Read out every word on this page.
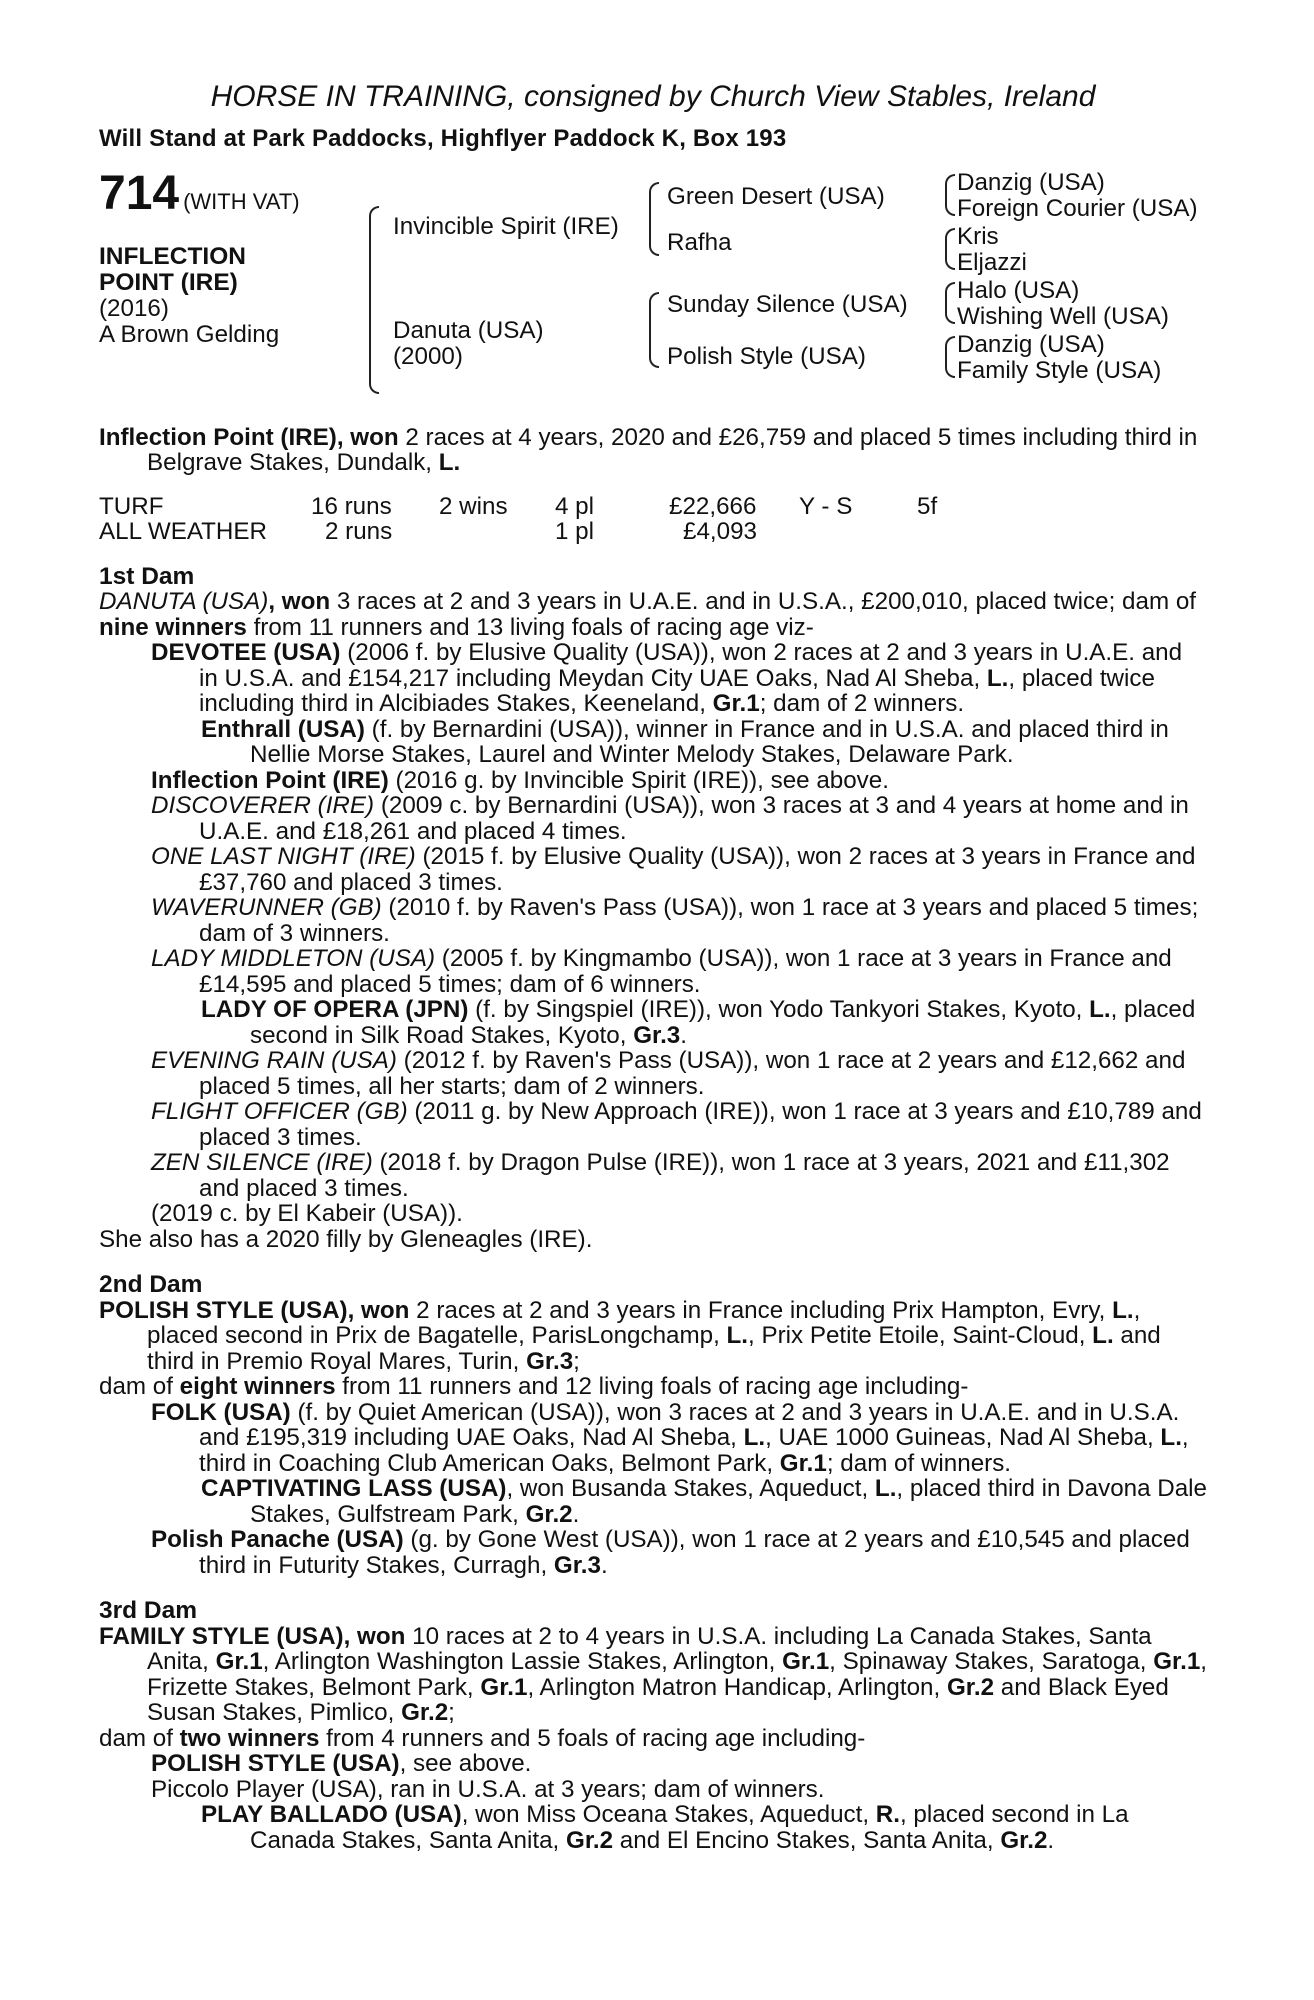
HORSE IN TRAINING, consigned by Church View Stables, Ireland
Will Stand at Park Paddocks, Highflyer Paddock K, Box 193
714 (WITH VAT)
INFLECTION
POINT (IRE)
(2016)
A Brown Gelding
Invincible Spirit (IRE)
Danuta (USA)
(2000)
Green Desert (USA)
Rafha
Sunday Silence (USA)
Polish Style (USA)
Danzig (USA)
Foreign Courier (USA)
Kris
Eljazzi
Halo (USA)
Wishing Well (USA)
Danzig (USA)
Family Style (USA)

Inflection Point (IRE), won 2 races at 4 years, 2020 and £26,759 and placed 5 times including third in Belgrave Stakes, Dundalk, L.

TURF	16 runs 2 wins 4 pl	£22,666 Y - S	5f
ALL WEATHER 2 runs	1 pl	£4,093
1st Dam

DANUTA (USA), won 3 races at 2 and 3 years in U.A.E. and in U.S.A., £200,010, placed twice; dam of nine winners from 11 runners and 13 living foals of racing age viz-

DEVOTEE (USA) (2006 f. by Elusive Quality (USA)), won 2 races at 2 and 3 years in U.A.E. and in U.S.A. and £154,217 including Meydan City UAE Oaks, Nad Al Sheba, L., placed twice including third in Alcibiades Stakes, Keeneland, Gr.1; dam of 2 winners.

Enthrall (USA) (f. by Bernardini (USA)), winner in France and in U.S.A. and placed third in Nellie Morse Stakes, Laurel and Winter Melody Stakes, Delaware Park.

Inflection Point (IRE) (2016 g. by Invincible Spirit (IRE)), see above.

DISCOVERER (IRE) (2009 c. by Bernardini (USA)), won 3 races at 3 and 4 years at home and in U.A.E. and £18,261 and placed 4 times.

ONE LAST NIGHT (IRE) (2015 f. by Elusive Quality (USA)), won 2 races at 3 years in France and £37,760 and placed 3 times.

WAVERUNNER (GB) (2010 f. by Raven's Pass (USA)), won 1 race at 3 years and placed 5 times; dam of 3 winners.

LADY MIDDLETON (USA) (2005 f. by Kingmambo (USA)), won 1 race at 3 years in France and £14,595 and placed 5 times; dam of 6 winners.

LADY OF OPERA (JPN) (f. by Singspiel (IRE)), won Yodo Tankyori Stakes, Kyoto, L., placed second in Silk Road Stakes, Kyoto, Gr.3.

EVENING RAIN (USA) (2012 f. by Raven's Pass (USA)), won 1 race at 2 years and £12,662 and placed 5 times, all her starts; dam of 2 winners.

FLIGHT OFFICER (GB) (2011 g. by New Approach (IRE)), won 1 race at 3 years and £10,789 and placed 3 times.

ZEN SILENCE (IRE) (2018 f. by Dragon Pulse (IRE)), won 1 race at 3 years, 2021 and £11,302 and placed 3 times.

(2019 c. by El Kabeir (USA)).

She also has a 2020 filly by Gleneagles (IRE).

2nd Dam

POLISH STYLE (USA), won 2 races at 2 and 3 years in France including Prix Hampton, Evry, L., placed second in Prix de Bagatelle, ParisLongchamp, L., Prix Petite Etoile, Saint-Cloud, L. and third in Premio Royal Mares, Turin, Gr.3;

dam of eight winners from 11 runners and 12 living foals of racing age including-

FOLK (USA) (f. by Quiet American (USA)), won 3 races at 2 and 3 years in U.A.E. and in U.S.A. and £195,319 including UAE Oaks, Nad Al Sheba, L., UAE 1000 Guineas, Nad Al Sheba, L., third in Coaching Club American Oaks, Belmont Park, Gr.1; dam of winners.

CAPTIVATING LASS (USA), won Busanda Stakes, Aqueduct, L., placed third in Davona Dale Stakes, Gulfstream Park, Gr.2.

Polish Panache (USA) (g. by Gone West (USA)), won 1 race at 2 years and £10,545 and placed third in Futurity Stakes, Curragh, Gr.3.

3rd Dam

FAMILY STYLE (USA), won 10 races at 2 to 4 years in U.S.A. including La Canada Stakes, Santa Anita, Gr.1, Arlington Washington Lassie Stakes, Arlington, Gr.1, Spinaway Stakes, Saratoga, Gr.1, Frizette Stakes, Belmont Park, Gr.1, Arlington Matron Handicap, Arlington, Gr.2 and Black Eyed Susan Stakes, Pimlico, Gr.2;

dam of two winners from 4 runners and 5 foals of racing age including-

POLISH STYLE (USA), see above.

Piccolo Player (USA), ran in U.S.A. at 3 years; dam of winners.

PLAY BALLADO (USA), won Miss Oceana Stakes, Aqueduct, R., placed second in La Canada Stakes, Santa Anita, Gr.2 and El Encino Stakes, Santa Anita, Gr.2.
